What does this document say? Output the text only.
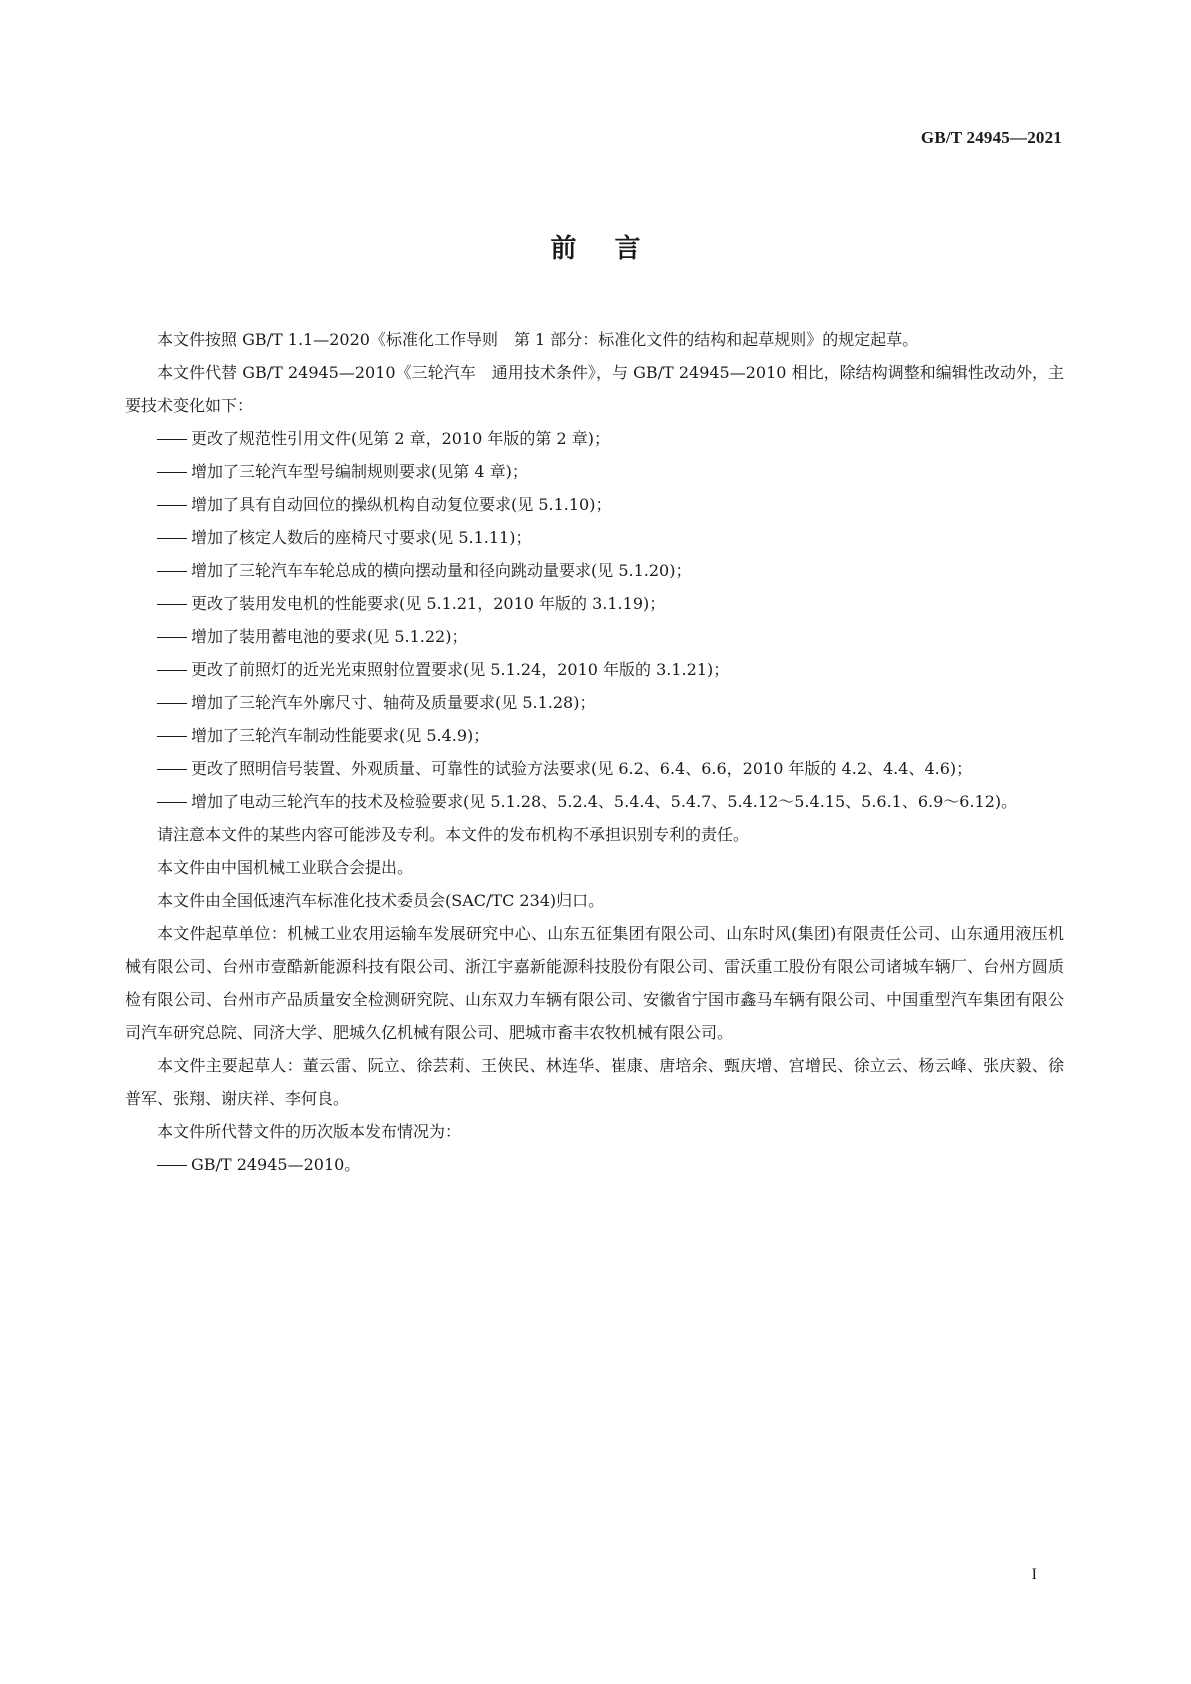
GB/T 24945—2021

前言

本文件按照 GB/T 1.1—2020《标准化工作导则　第 1 部分：标准化文件的结构和起草规则》的规定起草。

本文件代替 GB/T 24945—2010《三轮汽车　通用技术条件》，与 GB/T 24945—2010 相比，除结构调整和编辑性改动外，主要技术变化如下：

更改了规范性引用文件(见第 2 章，2010 年版的第 2 章)；

增加了三轮汽车型号编制规则要求(见第 4 章)；

增加了具有自动回位的操纵机构自动复位要求(见 5.1.10)；

增加了核定人数后的座椅尺寸要求(见 5.1.11)；

增加了三轮汽车车轮总成的横向摆动量和径向跳动量要求(见 5.1.20)；

更改了装用发电机的性能要求(见 5.1.21，2010 年版的 3.1.19)；

增加了装用蓄电池的要求(见 5.1.22)；

更改了前照灯的近光光束照射位置要求(见 5.1.24，2010 年版的 3.1.21)；

增加了三轮汽车外廓尺寸、轴荷及质量要求(见 5.1.28)；

增加了三轮汽车制动性能要求(见 5.4.9)；

更改了照明信号装置、外观质量、可靠性的试验方法要求(见 6.2、6.4、6.6，2010 年版的 4.2、4.4、4.6)；

增加了电动三轮汽车的技术及检验要求(见 5.1.28、5.2.4、5.4.4、5.4.7、5.4.12～5.4.15、5.6.1、6.9～6.12)。

请注意本文件的某些内容可能涉及专利。本文件的发布机构不承担识别专利的责任。

本文件由中国机械工业联合会提出。

本文件由全国低速汽车标准化技术委员会(SAC/TC 234)归口。

本文件起草单位：机械工业农用运输车发展研究中心、山东五征集团有限公司、山东时风(集团)有限责任公司、山东通用液压机械有限公司、台州市壹酷新能源科技有限公司、浙江宇嘉新能源科技股份有限公司、雷沃重工股份有限公司诸城车辆厂、台州方圆质检有限公司、台州市产品质量安全检测研究院、山东双力车辆有限公司、安徽省宁国市鑫马车辆有限公司、中国重型汽车集团有限公司汽车研究总院、同济大学、肥城久亿机械有限公司、肥城市畜丰农牧机械有限公司。

本文件主要起草人：董云雷、阮立、徐芸莉、王俠民、林连华、崔康、唐培余、甄庆增、宫增民、徐立云、杨云峰、张庆毅、徐普军、张翔、谢庆祥、李何良。

本文件所代替文件的历次版本发布情况为：

GB/T 24945—2010。

I
